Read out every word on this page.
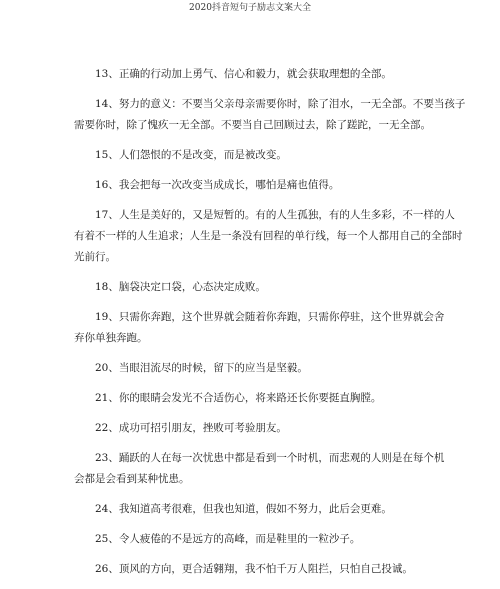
2020抖音短句子励志文案大全

13、正确的行动加上勇气、信心和毅力，就会获取理想的全部。

14、努力的意义：不要当父亲母亲需要你时，除了泪水，一无全部。不要当孩子
需要你时，除了愧疚一无全部。不要当自己回顾过去，除了蹉跎，一无全部。

15、人们怨恨的不是改变，而是被改变。

16、我会把每一次改变当成成长，哪怕是痛也值得。

17、人生是美好的，又是短暂的。有的人生孤独，有的人生多彩，不一样的人
有着不一样的人生追求；人生是一条没有回程的单行线，每一个人都用自己的全部时
光前行。

18、脑袋决定口袋，心态决定成败。

19、只需你奔跑，这个世界就会随着你奔跑，只需你停驻，这个世界就会舍
弃你单独奔跑。

20、当眼泪流尽的时候，留下的应当是坚毅。

21、你的眼睛会发光不合适伤心，将来路还长你要挺直胸膛。

22、成功可招引朋友，挫败可考验朋友。

23、踊跃的人在每一次忧患中都是看到一个时机，而悲观的人则是在每个机
会都是会看到某种忧患。

24、我知道高考很难，但我也知道，假如不努力，此后会更难。

25、令人疲倦的不是远方的高峰，而是鞋里的一粒沙子。

26、顶风的方向，更合适翱翔，我不怕千万人阻拦，只怕自己投诚。
